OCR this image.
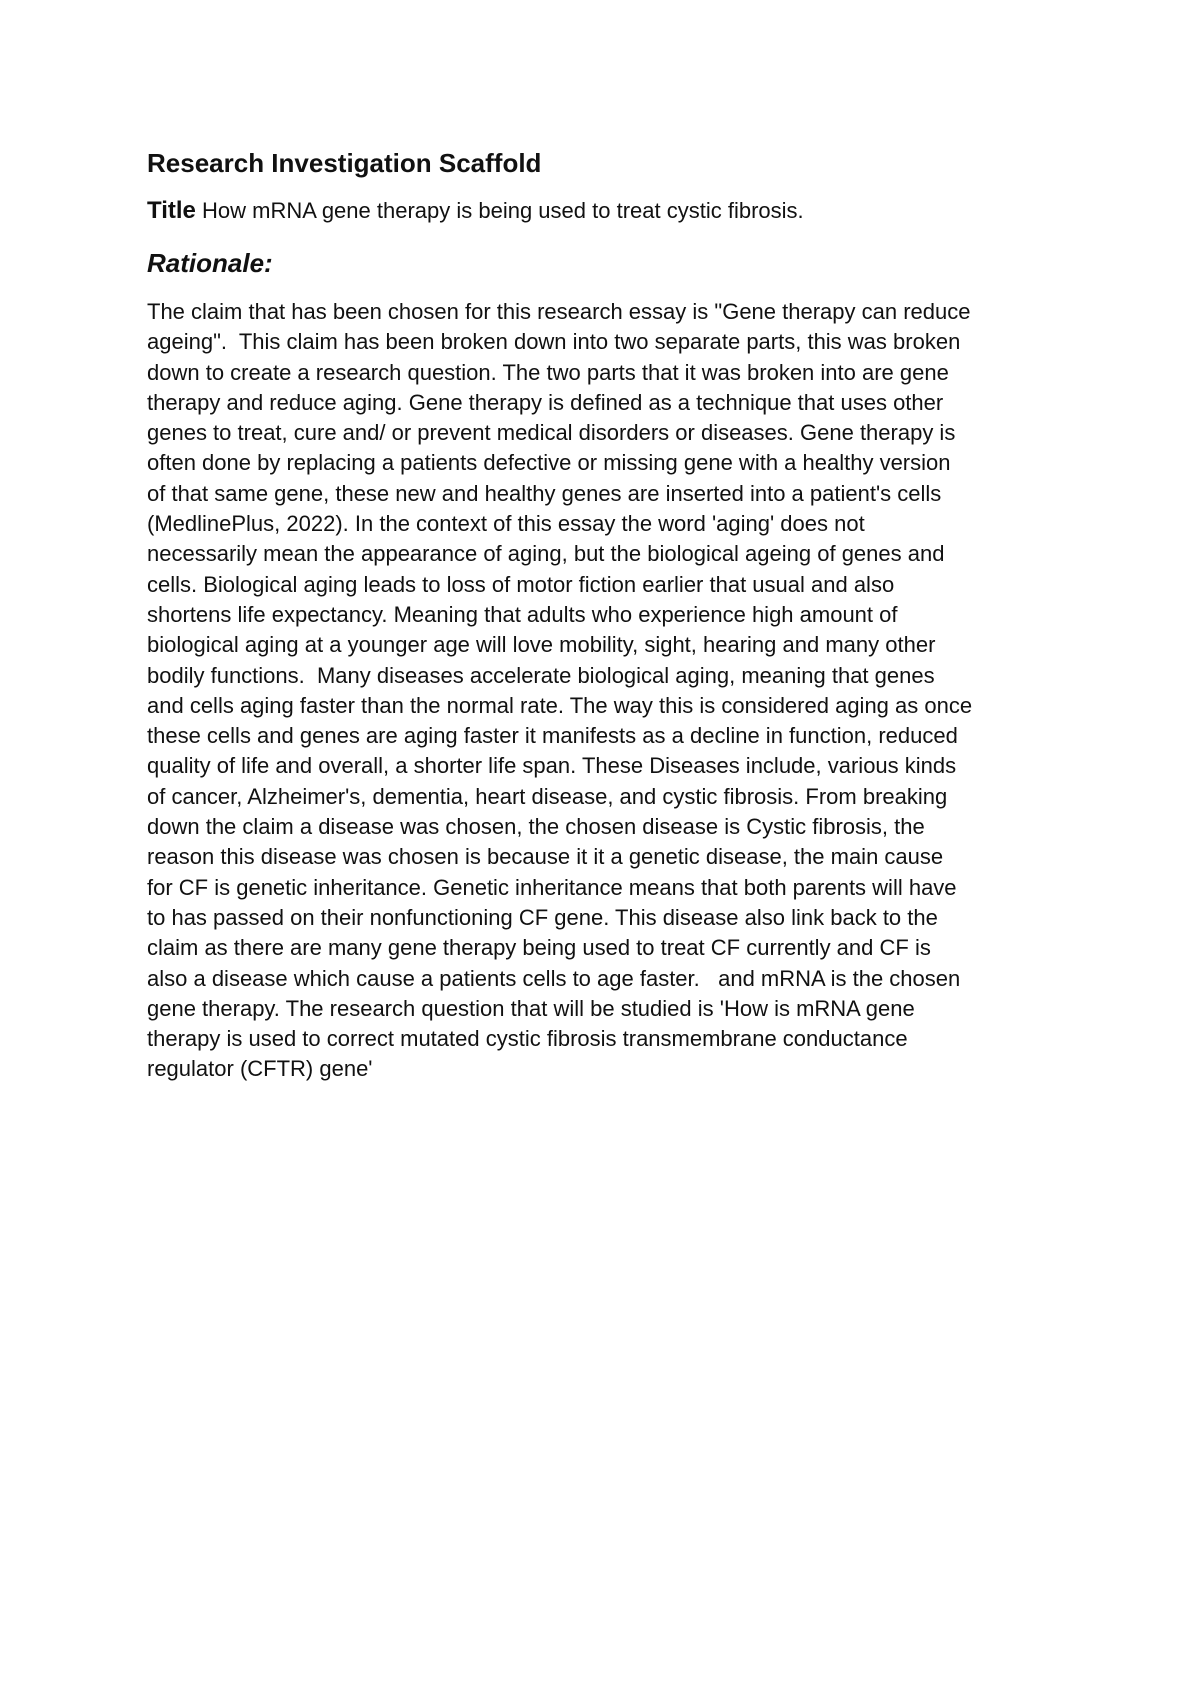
Research Investigation Scaffold

Title How mRNA gene therapy is being used to treat cystic fibrosis.

Rationale:
The claim that has been chosen for this research essay is "Gene therapy can reduce
ageing".  This claim has been broken down into two separate parts, this was broken
down to create a research question. The two parts that it was broken into are gene
therapy and reduce aging. Gene therapy is defined as a technique that uses other
genes to treat, cure and/ or prevent medical disorders or diseases. Gene therapy is
often done by replacing a patients defective or missing gene with a healthy version
of that same gene, these new and healthy genes are inserted into a patient's cells
(MedlinePlus, 2022). In the context of this essay the word 'aging' does not
necessarily mean the appearance of aging, but the biological ageing of genes and
cells. Biological aging leads to loss of motor fiction earlier that usual and also
shortens life expectancy. Meaning that adults who experience high amount of
biological aging at a younger age will love mobility, sight, hearing and many other
bodily functions.  Many diseases accelerate biological aging, meaning that genes
and cells aging faster than the normal rate. The way this is considered aging as once
these cells and genes are aging faster it manifests as a decline in function, reduced
quality of life and overall, a shorter life span. These Diseases include, various kinds
of cancer, Alzheimer's, dementia, heart disease, and cystic fibrosis. From breaking
down the claim a disease was chosen, the chosen disease is Cystic fibrosis, the
reason this disease was chosen is because it it a genetic disease, the main cause
for CF is genetic inheritance. Genetic inheritance means that both parents will have
to has passed on their nonfunctioning CF gene. This disease also link back to the
claim as there are many gene therapy being used to treat CF currently and CF is
also a disease which cause a patients cells to age faster.   and mRNA is the chosen
gene therapy. The research question that will be studied is 'How is mRNA gene
therapy is used to correct mutated cystic fibrosis transmembrane conductance
regulator (CFTR) gene'
